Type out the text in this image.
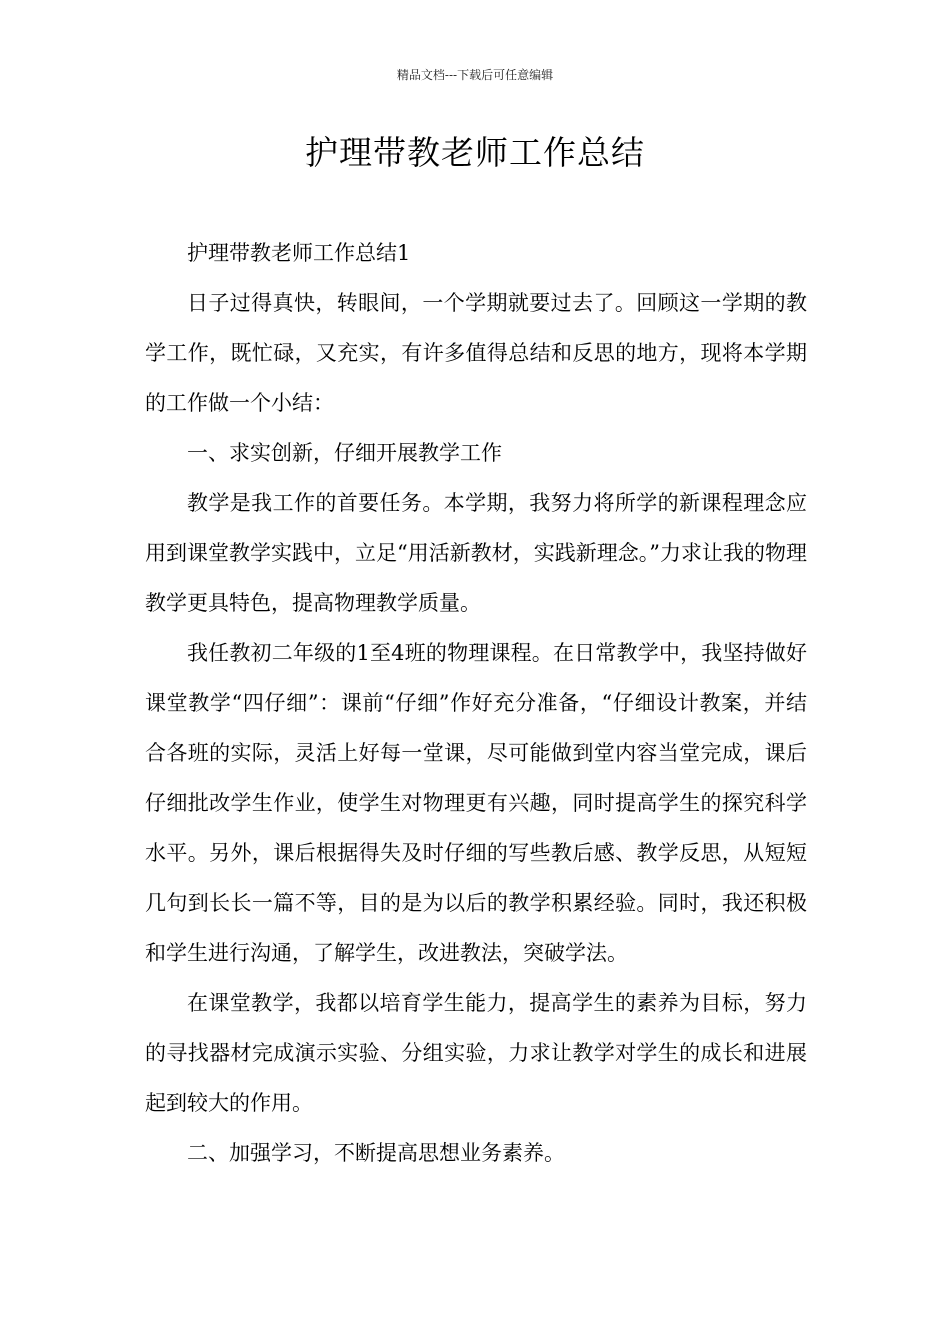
精品文档---下载后可任意编辑
护理带教老师工作总结

护理带教老师工作总结1

日子过得真快，转眼间，一个学期就要过去了。回顾这一学期的教学工作，既忙碌，又充实，有许多值得总结和反思的地方，现将本学期的工作做一个小结：

一、求实创新，仔细开展教学工作

教学是我工作的首要任务。本学期，我努力将所学的新课程理念应用到课堂教学实践中，立足“用活新教材，实践新理念。”力求让我的物理教学更具特色，提高物理教学质量。

我任教初二年级的1至4班的物理课程。在日常教学中，我坚持做好课堂教学“四仔细”：课前“仔细”作好充分准备，“仔细设计教案，并结合各班的实际，灵活上好每一堂课，尽可能做到堂内容当堂完成，课后仔细批改学生作业，使学生对物理更有兴趣，同时提高学生的探究科学水平。另外，课后根据得失及时仔细的写些教后感、教学反思，从短短几句到长长一篇不等，目的是为以后的教学积累经验。同时，我还积极和学生进行沟通，了解学生，改进教法，突破学法。

在课堂教学，我都以培育学生能力，提高学生的素养为目标，努力的寻找器材完成演示实验、分组实验，力求让教学对学生的成长和进展起到较大的作用。

二、加强学习，不断提高思想业务素养。
